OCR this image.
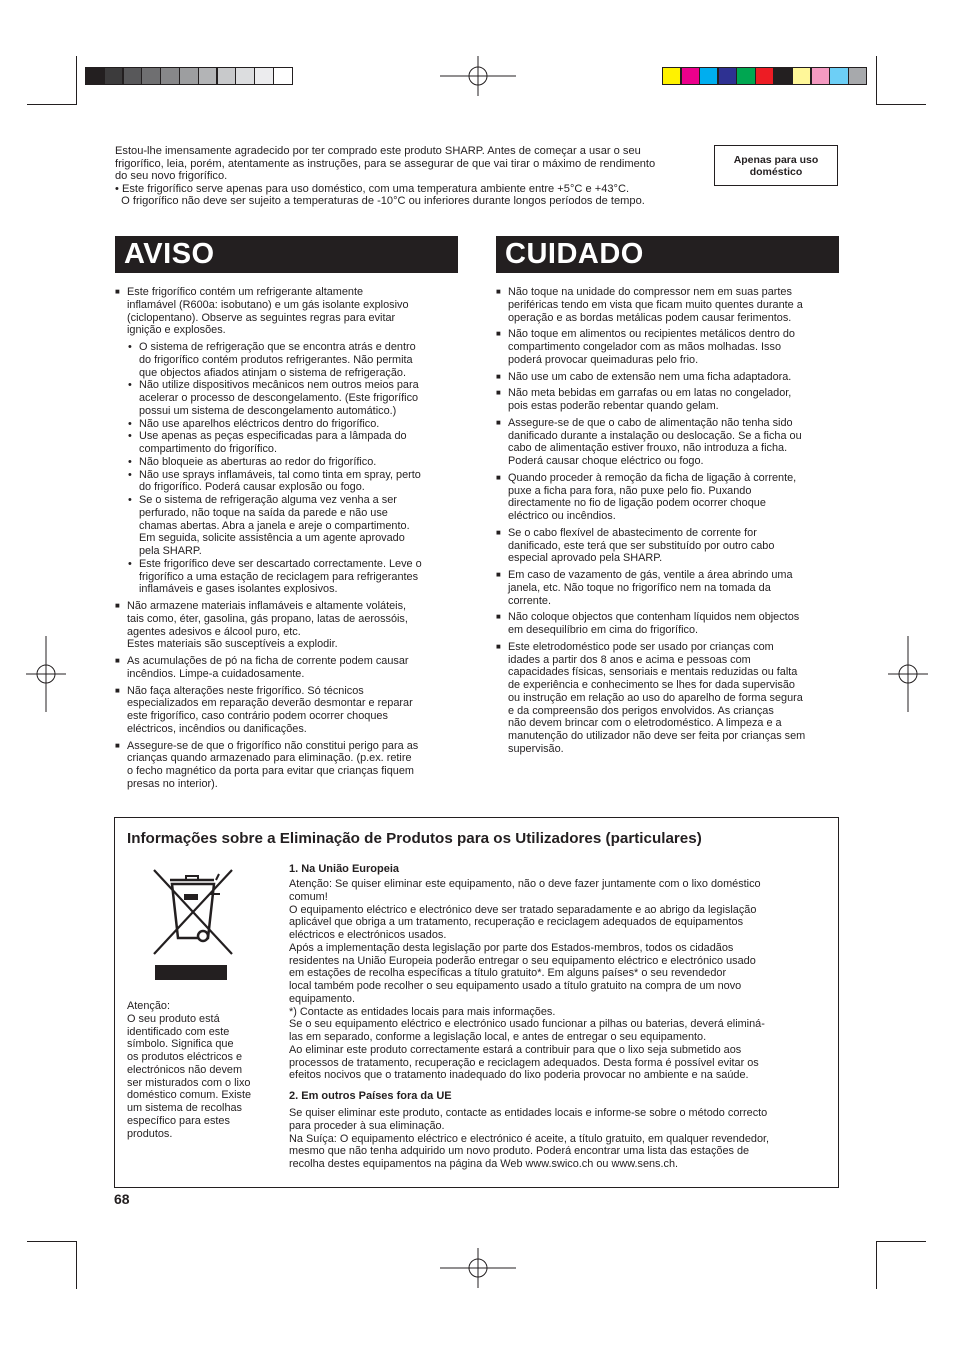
Estou-lhe imensamente agradecido por ter comprado este produto SHARP. Antes de começar a usar o seu

frigorífico, leia, porém, atentamente as instruções, para se assegurar de que vai tirar o máximo de rendimento

do seu novo frigorífico.

• Este frigorífico serve apenas para uso doméstico, com uma temperatura ambiente entre +5°C e +43°C.

O frigorífico não deve ser sujeito a temperaturas de -10°C ou inferiores durante longos períodos de tempo.

Apenas para uso
doméstico
AVISO
■ Este frigorífico contém um refrigerante altamente
inflamável (R600a: isobutano) e um gás isolante explosivo
(ciclopentano). Observe as seguintes regras para evitar
ignição e explosões.
• O sistema de refrigeração que se encontra atrás e dentro
do frigorífico contém produtos refrigerantes. Não permita
que objectos afiados atinjam o sistema de refrigeração.
• Não utilize dispositivos mecânicos nem outros meios para
acelerar o processo de descongelamento. (Este frigorífico
possui um sistema de descongelamento automático.)
• Não use aparelhos eléctricos dentro do frigorífico.
• Use apenas as peças especificadas para a lâmpada do
compartimento do frigorífico.
• Não bloqueie as aberturas ao redor do frigorífico.
• Não use sprays inflamáveis, tal como tinta em spray, perto
do frigorífico. Poderá causar explosão ou fogo.
• Se o sistema de refrigeração alguma vez venha a ser
perfurado, não toque na saída da parede e não use
chamas abertas. Abra a janela e areje o compartimento.
Em seguida, solicite assistência a um agente aprovado
pela SHARP.
• Este frigorífico deve ser descartado correctamente. Leve o
frigorífico a uma estação de reciclagem para refrigerantes
inflamáveis e gases isolantes explosivos.
■ Não armazene materiais inflamáveis e altamente voláteis,
tais como, éter, gasolina, gás propano, latas de aerossóis,
agentes adesivos e álcool puro, etc.
Estes materiais são susceptíveis a explodir.
■ As acumulações de pó na ficha de corrente podem causar
incêndios. Limpe-a cuidadosamente.
■ Não faça alterações neste frigorífico. Só técnicos
especializados em reparação deverão desmontar e reparar
este frigorífico, caso contrário podem ocorrer choques
eléctricos, incêndios ou danificações.
■ Assegure-se de que o frigorífico não constitui perigo para as
crianças quando armazenado para eliminação. (p.ex. retire
o fecho magnético da porta para evitar que crianças fiquem
presas no interior).
CUIDADO
■ Não toque na unidade do compressor nem em suas partes
periféricas tendo em vista que ficam muito quentes durante a
operação e as bordas metálicas podem causar ferimentos.
■ Não toque em alimentos ou recipientes metálicos dentro do
compartimento congelador com as mãos molhadas. Isso
poderá provocar queimaduras pelo frio.
■ Não use um cabo de extensão nem uma ficha adaptadora.
■ Não meta bebidas em garrafas ou em latas no congelador,
pois estas poderão rebentar quando gelam.
■ Assegure-se de que o cabo de alimentação não tenha sido
danificado durante a instalação ou deslocação. Se a ficha ou
cabo de alimentação estiver frouxo, não introduza a ficha.
Poderá causar choque eléctrico ou fogo.
■ Quando proceder à remoção da ficha de ligação à corrente,
puxe a ficha para fora, não puxe pelo fio. Puxando
directamente no fio de ligação podem ocorrer choque
eléctrico ou incêndios.
■ Se o cabo flexível de abastecimento de corrente for
danificado, este terá que ser substituído por outro cabo
especial aprovado pela SHARP.
■ Em caso de vazamento de gás, ventile a área abrindo uma
janela, etc. Não toque no frigorífico nem na tomada da
corrente.
■ Não coloque objectos que contenham líquidos nem objectos
em desequilíbrio em cima do frigorífico.
■ Este eletrodoméstico pode ser usado por crianças com
idades a partir dos 8 anos e acima e pessoas com
capacidades físicas, sensoriais e mentais reduzidas ou falta
de experiência e conhecimento se lhes for dada supervisão
ou instrução em relação ao uso do aparelho de forma segura
e da compreensão dos perigos envolvidos. As crianças
não devem brincar com o eletrodoméstico. A limpeza e a
manutenção do utilizador não deve ser feita por crianças sem
supervisão.
Informações sobre a Eliminação de Produtos para os Utilizadores (particulares)
Atenção:
O seu produto está
identificado com este
símbolo. Significa que
os produtos eléctricos e
electrónicos não devem
ser misturados com o lixo
doméstico comum. Existe
um sistema de recolhas
específico para estes
produtos.
1. Na União Europeia
Atenção: Se quiser eliminar este equipamento, não o deve fazer juntamente com o lixo doméstico
comum!
O equipamento eléctrico e electrónico deve ser tratado separadamente e ao abrigo da legislação
aplicável que obriga a um tratamento, recuperação e reciclagem adequados de equipamentos
eléctricos e electrónicos usados.
Após a implementação desta legislação por parte dos Estados-membros, todos os cidadãos
residentes na União Europeia poderão entregar o seu equipamento eléctrico e electrónico usado
em estações de recolha específicas a título gratuito*. Em alguns países* o seu revendedor
local também pode recolher o seu equipamento usado a título gratuito na compra de um novo
equipamento.
*) Contacte as entidades locais para mais informações.
Se o seu equipamento eléctrico e electrónico usado funcionar a pilhas ou baterias, deverá eliminá-
las em separado, conforme a legislação local, e antes de entregar o seu equipamento.
Ao eliminar este produto correctamente estará a contribuir para que o lixo seja submetido aos
processos de tratamento, recuperação e reciclagem adequados. Desta forma é possível evitar os
efeitos nocivos que o tratamento inadequado do lixo poderia provocar no ambiente e na saúde.
2. Em outros Países fora da UE
Se quiser eliminar este produto, contacte as entidades locais e informe-se sobre o método correcto
para proceder à sua eliminação.
Na Suíça: O equipamento eléctrico e electrónico é aceite, a título gratuito, em qualquer revendedor,
mesmo que não tenha adquirido um novo produto. Poderá encontrar uma lista das estações de
recolha destes equipamentos na página da Web www.swico.ch ou www.sens.ch.
68
